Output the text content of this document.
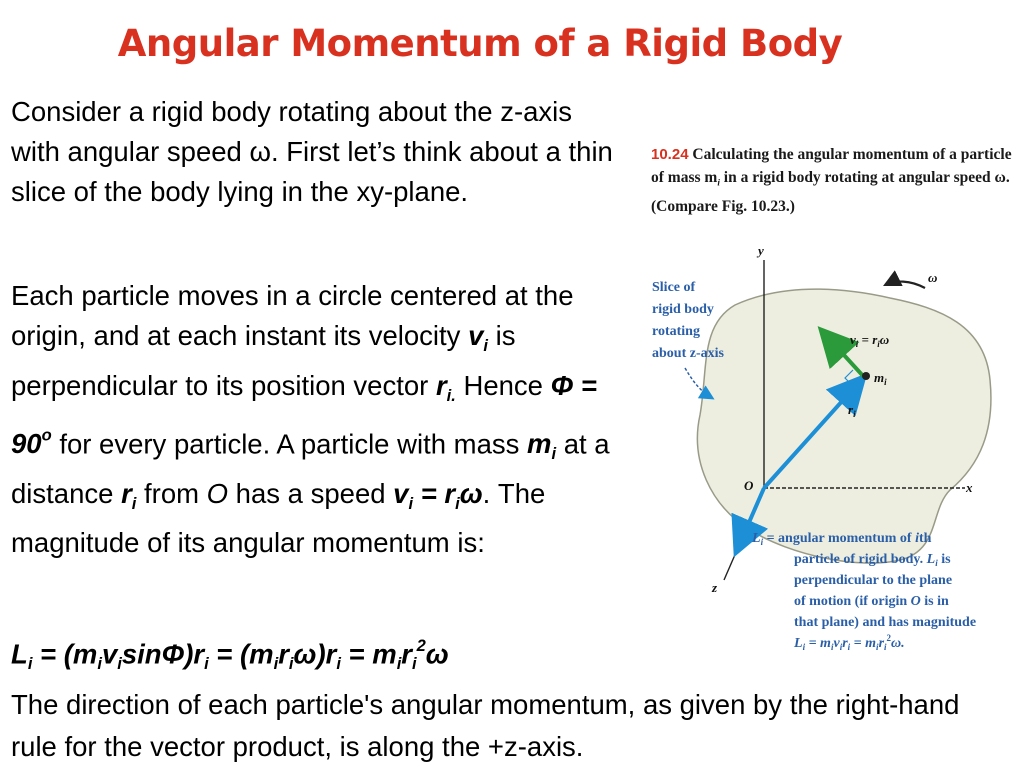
Angular Momentum of a Rigid Body
Consider a rigid body rotating about the z-axis with angular speed ω. First let’s think about a thin slice of the body lying in the xy-plane.
Each particle moves in a circle centered at the origin, and at each instant its velocity $v_i$ is perpendicular to its position vector $r_{i.}$ Hence $\Phi = 90^o$ for every particle. A particle with mass $m_i$ at a distance $r_i$ from O has a speed $v_i = r_i\omega$. The magnitude of its angular momentum is:
$L_i = (m_iv_i\sin\Phi)r_i = (m_ir_i\omega)r_i = m_ir_i^2\omega$
The direction of each particle's angular momentum, as given by the right-hand rule for the vector product, is along the +z-axis.
10.24 Calculating the angular momentum of a particle of mass $m_i$ in a rigid body rotating at angular speed ω. (Compare Fig. 10.23.)
y
x
z
O
ω
$r_i$
$m_i$
$v_i = r_i\omega$
Slice of rigid body rotating about z-axis
$L_i$ = angular momentum of ith particle of rigid body. $L_i$ is perpendicular to the plane of motion (if origin O is in that plane) and has magnitude $L_i = m_iv_ir_i = m_ir_i^2\omega$.
